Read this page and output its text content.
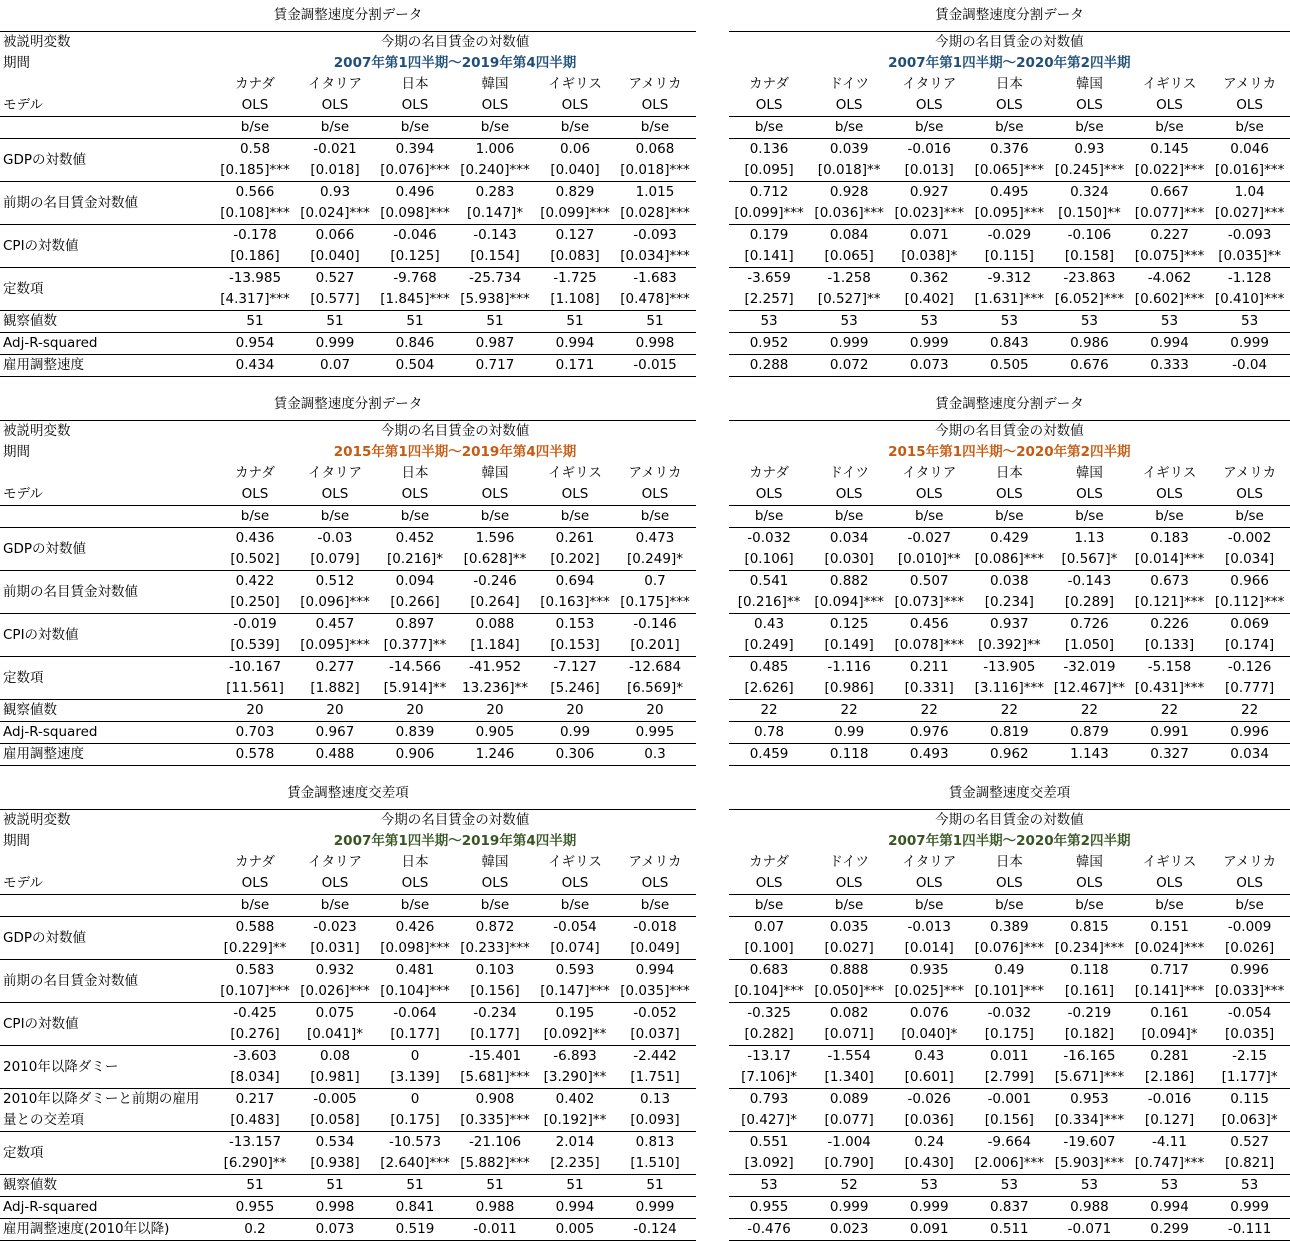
賃金調整速度分割データ
被説明変数
期間
今期の名目賃金の対数値
2007年第1四半期～2019年第4四半期
カナダ	イタリア	日本	韓国	イギリス	アメリカ
モデル	OLS	OLS	OLS	OLS	OLS	OLS
b/se	b/se	b/se	b/se	b/se	b/se
GDPの対数値
0.58	-0.021	0.394	1.006	0.06	0.068
[0.185]***	[0.018]	[0.076]*** [0.240]***	[0.040]	[0.018]***
前期の名目賃金対数値
0.566	0.93	0.496	0.283	0.829	1.015
[0.108]*** [0.024]*** [0.098]***	[0.147]*	[0.099]*** [0.028]***
CPIの対数値
-0.178	0.066	-0.046	-0.143	0.127	-0.093
[0.186]	[0.040]	[0.125]	[0.154]	[0.083]	[0.034]***
定数項
-13.985	0.527	-9.768	-25.734	-1.725	-1.683
[4.317]***	[0.577]	[1.845]*** [5.938]***	[1.108]	[0.478]***
観察値数	51	51	51	51	51	51
Adj-R-squared	0.954	0.999	0.846	0.987	0.994	0.998
雇用調整速度	0.434	0.07	0.504	0.717	0.171	-0.015
賃金調整速度分割データ
今期の名目賃金の対数値
2007年第1四半期～2020年第2四半期
カナダ	ドイツ	イタリア	日本	韓国	イギリス	アメリカ
OLS	OLS	OLS	OLS	OLS	OLS	OLS
b/se	b/se	b/se	b/se	b/se	b/se	b/se
0.136	0.039	-0.016	0.376	0.93	0.145	0.046
[0.095]	[0.018]**	[0.013]	[0.065]*** [0.245]*** [0.022]*** [0.016]***
0.712	0.928	0.927	0.495	0.324	0.667	1.04
[0.099]*** [0.036]*** [0.023]*** [0.095]***	[0.150]**	[0.077]*** [0.027]***
0.179	0.084	0.071	-0.029	-0.106	0.227	-0.093
[0.141]	[0.065]	[0.038]*	[0.115]	[0.158]	[0.075]***	[0.035]**
-3.659	-1.258	0.362	-9.312	-23.863	-4.062	-1.128
[2.257]	[0.527]**	[0.402]	[1.631]*** [6.052]*** [0.602]*** [0.410]***
53	53	53	53	53	53	53
0.952	0.999	0.999	0.843	0.986	0.994	0.999
0.288	0.072	0.073	0.505	0.676	0.333	-0.04
賃金調整速度分割データ
被説明変数
期間
今期の名目賃金の対数値
2015年第1四半期～2019年第4四半期
カナダ	イタリア	日本	韓国	イギリス	アメリカ
モデル	OLS	OLS	OLS	OLS	OLS	OLS
b/se	b/se	b/se	b/se	b/se	b/se
GDPの対数値
0.436	-0.03	0.452	1.596	0.261	0.473
[0.502]	[0.079]	[0.216]*	[0.628]**	[0.202]	[0.249]*
前期の名目賃金対数値
0.422	0.512	0.094	-0.246	0.694	0.7
[0.250]	[0.096]***	[0.266]	[0.264]	[0.163]*** [0.175]***
CPIの対数値
-0.019	0.457	0.897	0.088	0.153	-0.146
[0.539]	[0.095]***	[0.377]**	[1.184]	[0.153]	[0.201]
定数項
-10.167	0.277	-14.566	-41.952	-7.127	-12.684
[11.561]	[1.882]	[5.914]**	13.236]**	[5.246]	[6.569]*
観察値数	20	20	20	20	20	20
Adj-R-squared	0.703	0.967	0.839	0.905	0.99	0.995
雇用調整速度	0.578	0.488	0.906	1.246	0.306	0.3
賃金調整速度分割データ
今期の名目賃金の対数値
2015年第1四半期～2020年第2四半期
カナダ	ドイツ	イタリア	日本	韓国	イギリス	アメリカ
OLS	OLS	OLS	OLS	OLS	OLS	OLS
b/se	b/se	b/se	b/se	b/se	b/se	b/se
-0.032	0.034	-0.027	0.429	1.13	0.183	-0.002
[0.106]	[0.030]	[0.010]**	[0.086]***	[0.567]*	[0.014]***	[0.034]
0.541	0.882	0.507	0.038	-0.143	0.673	0.966
[0.216]**	[0.094]*** [0.073]***	[0.234]	[0.289]	[0.121]*** [0.112]***
0.43	0.125	0.456	0.937	0.726	0.226	0.069
[0.249]	[0.149]	[0.078]***	[0.392]**	[1.050]	[0.133]	[0.174]
0.485	-1.116	0.211	-13.905	-32.019	-5.158	-0.126
[2.626]	[0.986]	[0.331]	[3.116]*** [12.467]** [0.431]***	[0.777]
22	22	22	22	22	22	22
0.78	0.99	0.976	0.819	0.879	0.991	0.996
0.459	0.118	0.493	0.962	1.143	0.327	0.034
賃金調整速度交差項
被説明変数
期間
今期の名目賃金の対数値
2007年第1四半期～2019年第4四半期
カナダ	イタリア	日本	韓国	イギリス	アメリカ
モデル	OLS	OLS	OLS	OLS	OLS	OLS
b/se	b/se	b/se	b/se	b/se	b/se
GDPの対数値
0.588	-0.023	0.426	0.872	-0.054	-0.018
[0.229]**	[0.031]	[0.098]*** [0.233]***	[0.074]	[0.049]
前期の名目賃金対数値
0.583	0.932	0.481	0.103	0.593	0.994
[0.107]*** [0.026]*** [0.104]***	[0.156]	[0.147]*** [0.035]***
CPIの対数値
-0.425	0.075	-0.064	-0.234	0.195	-0.052
[0.276]	[0.041]*	[0.177]	[0.177]	[0.092]**	[0.037]
2010年以降ダミー
-3.603	0.08	0	-15.401	-6.893	-2.442
[8.034]	[0.981]	[3.139]	[5.681]***	[3.290]**	[1.751]
2010年以降ダミーと前期の雇用
量との交差項
0.217	-0.005	0	0.908	0.402	0.13
[0.483]	[0.058]	[0.175]	[0.335]***	[0.192]**	[0.093]
定数項
-13.157	0.534	-10.573	-21.106	2.014	0.813
[6.290]**	[0.938]	[2.640]*** [5.882]***	[2.235]	[1.510]
観察値数	51	51	51	51	51	51
Adj-R-squared	0.955	0.998	0.841	0.988	0.994	0.999
雇用調整速度(2010年以降)	0.2	0.073	0.519	-0.011	0.005	-0.124
賃金調整速度交差項
今期の名目賃金の対数値
2007年第1四半期～2020年第2四半期
カナダ	ドイツ	イタリア	日本	韓国	イギリス	アメリカ
OLS	OLS	OLS	OLS	OLS	OLS	OLS
b/se	b/se	b/se	b/se	b/se	b/se	b/se
0.07	0.035	-0.013	0.389	0.815	0.151	-0.009
[0.100]	[0.027]	[0.014]	[0.076]*** [0.234]*** [0.024]***	[0.026]
0.683	0.888	0.935	0.49	0.118	0.717	0.996
[0.104]*** [0.050]*** [0.025]*** [0.101]***	[0.161]	[0.141]*** [0.033]***
-0.325	0.082	0.076	-0.032	-0.219	0.161	-0.054
[0.282]	[0.071]	[0.040]*	[0.175]	[0.182]	[0.094]*	[0.035]
-13.17	-1.554	0.43	0.011	-16.165	0.281	-2.15
[7.106]*	[1.340]	[0.601]	[2.799]	[5.671]***	[2.186]	[1.177]*
0.793	0.089	-0.026	-0.001	0.953	-0.016	0.115
[0.427]*	[0.077]	[0.036]	[0.156]	[0.334]***	[0.127]	[0.063]*
0.551	-1.004	0.24	-9.664	-19.607	-4.11	0.527
[3.092]	[0.790]	[0.430]	[2.006]*** [5.903]*** [0.747]***	[0.821]
53	52	53	53	53	53	53
0.955	0.999	0.999	0.837	0.988	0.994	0.999
-0.476	0.023	0.091	0.511	-0.071	0.299	-0.111
